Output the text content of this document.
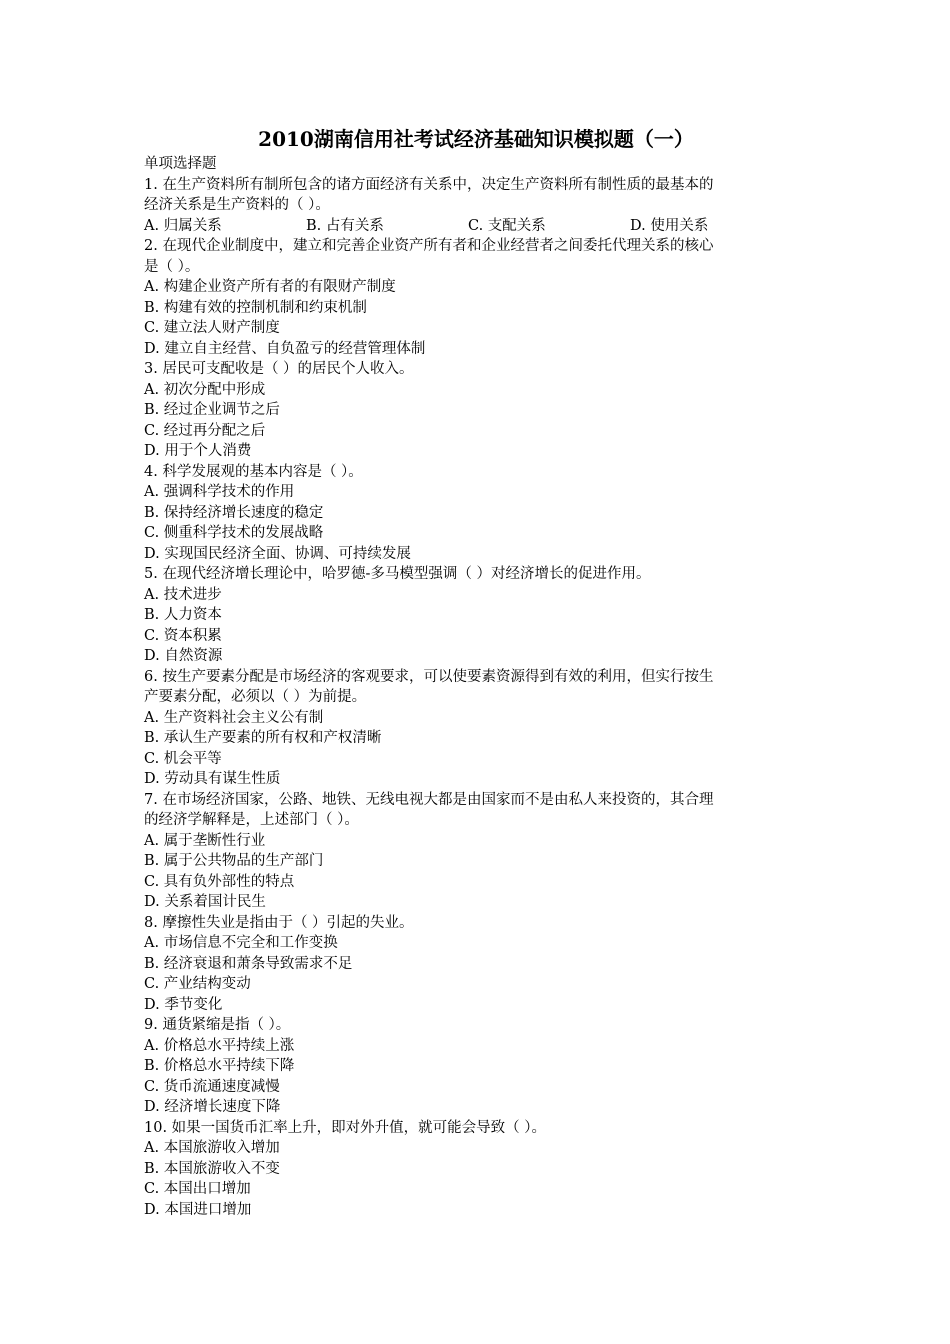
2010湖南信用社考试经济基础知识模拟题（一）
单项选择题
1. 在生产资料所有制所包含的诸方面经济有关系中，决定生产资料所有制性质的最基本的
经济关系是生产资料的（ ）。
A. 归属关系	B. 占有关系	C. 支配关系	D. 使用关系
2. 在现代企业制度中，建立和完善企业资产所有者和企业经营者之间委托代理关系的核心
是（ ）。
A. 构建企业资产所有者的有限财产制度
B. 构建有效的控制机制和约束机制
C. 建立法人财产制度
D. 建立自主经营、自负盈亏的经营管理体制
3. 居民可支配收是（ ）的居民个人收入。
A. 初次分配中形成
B. 经过企业调节之后
C. 经过再分配之后
D. 用于个人消费
4. 科学发展观的基本内容是（ ）。
A. 强调科学技术的作用
B. 保持经济增长速度的稳定
C. 侧重科学技术的发展战略
D. 实现国民经济全面、协调、可持续发展
5. 在现代经济增长理论中，哈罗德-多马模型强调（ ）对经济增长的促进作用。
A. 技术进步
B. 人力资本
C. 资本积累
D. 自然资源
6. 按生产要素分配是市场经济的客观要求，可以使要素资源得到有效的利用，但实行按生
产要素分配，必须以（ ）为前提。
A. 生产资料社会主义公有制
B. 承认生产要素的所有权和产权清晰
C. 机会平等
D. 劳动具有谋生性质
7. 在市场经济国家，公路、地铁、无线电视大都是由国家而不是由私人来投资的，其合理
的经济学解释是，上述部门（ ）。
A. 属于垄断性行业
B. 属于公共物品的生产部门
C. 具有负外部性的特点
D. 关系着国计民生
8. 摩擦性失业是指由于（ ）引起的失业。
A. 市场信息不完全和工作变换
B. 经济衰退和萧条导致需求不足
C. 产业结构变动
D. 季节变化
9. 通货紧缩是指（ ）。
A. 价格总水平持续上涨
B. 价格总水平持续下降
C. 货币流通速度减慢
D. 经济增长速度下降
10. 如果一国货币汇率上升，即对外升值，就可能会导致（ ）。
A. 本国旅游收入增加
B. 本国旅游收入不变
C. 本国出口增加
D. 本国进口增加
